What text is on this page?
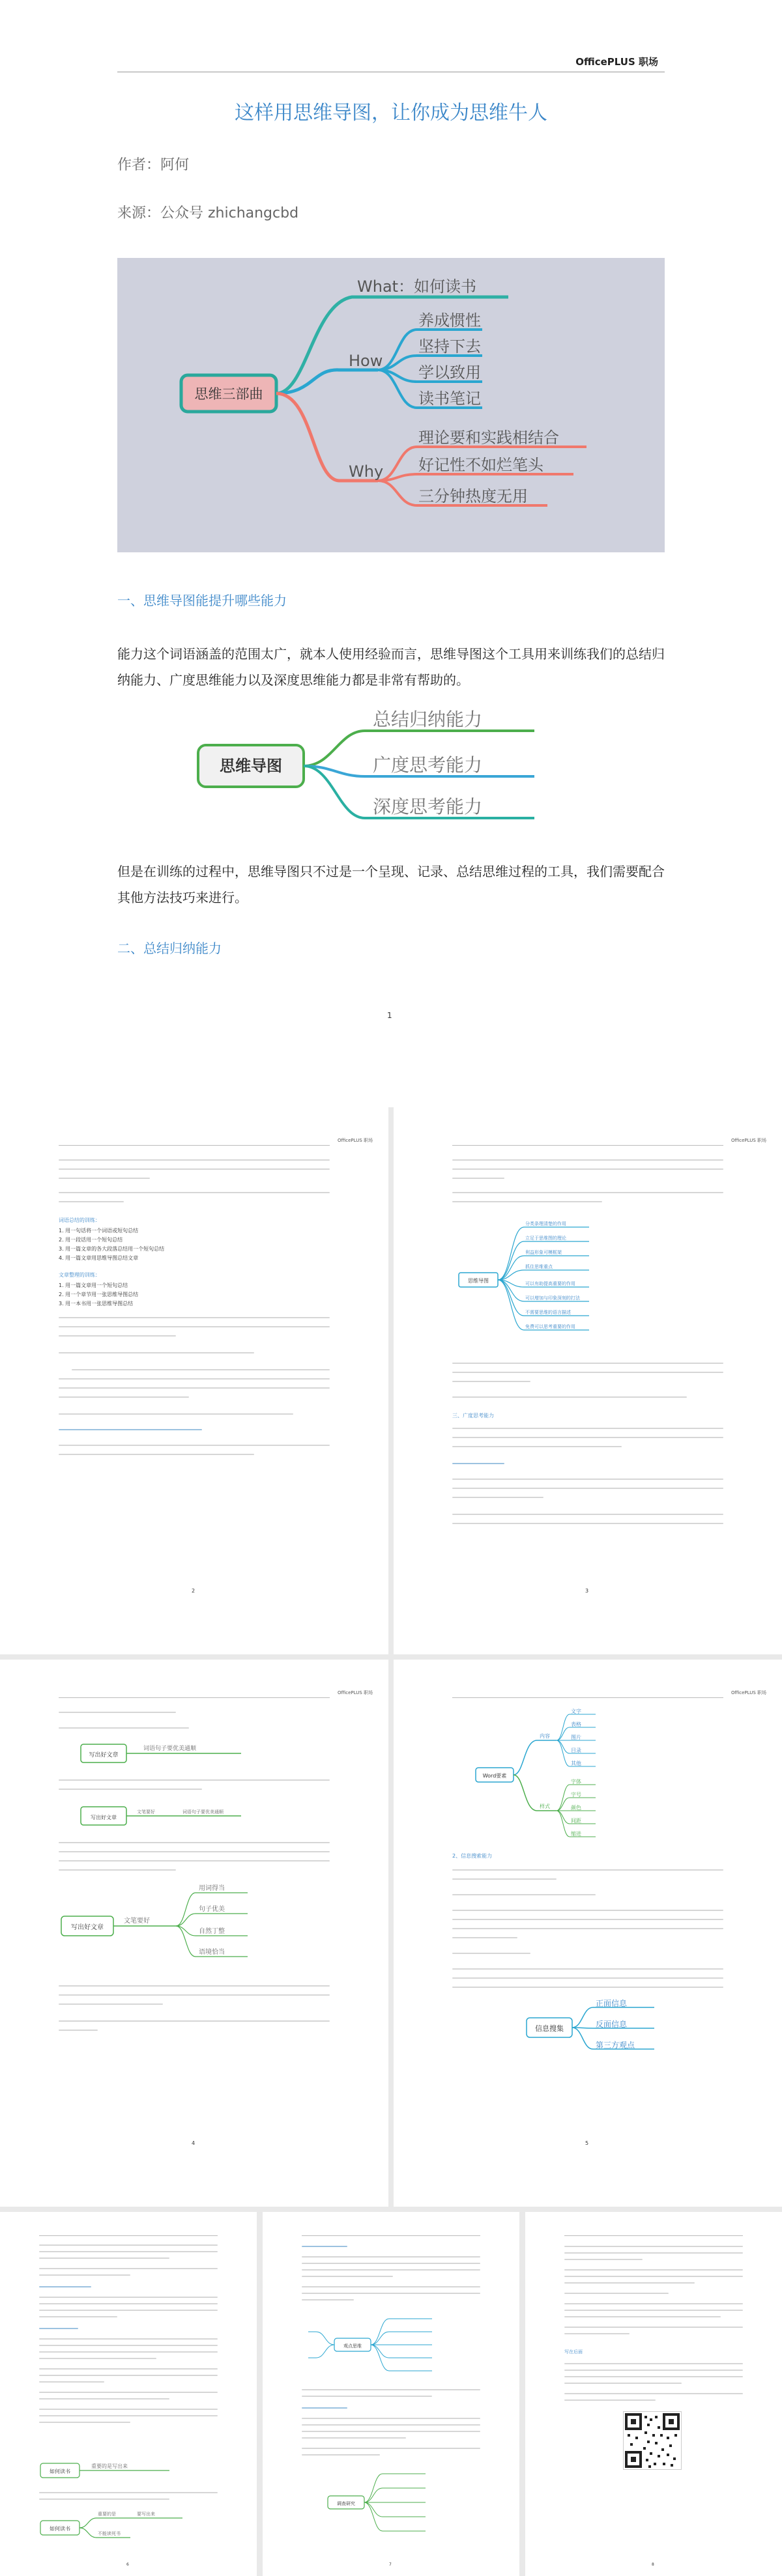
OfficePLUS 职场
这样用思维导图，让你成为思维牛人
作者：阿何
来源：公众号 zhichangcbd
思维三部曲
What：如何读书
How
养成惯性
坚持下去
学以致用
读书笔记
Why
理论要和实践相结合
好记性不如烂笔头
三分钟热度无用
一、思维导图能提升哪些能力
能力这个词语涵盖的范围太广，就本人使用经验而言，思维导图这个工具用来训练我们的总结归纳能力、广度思维能力以及深度思维能力都是非常有帮助的。
思维导图
总结归纳能力
广度思考能力
深度思考能力
但是在训练的过程中，思维导图只不过是一个呈现、记录、总结思维过程的工具，我们需要配合其他方法技巧来进行。
二、总结归纳能力
1
OfficePLUS 职场
词语总结的训练：
1. 用一句话将一个词语或短句总结
2. 用一段话用一个短句总结
3. 用一篇文章的各大段落总结用一个短句总结
4. 用一篇文章用思维导图总结文章
文章整理的训练：
1. 用一篇文章用一个短句总结
2. 用一个章节用一张思维导图总结
3. 用一本书用一张思维导图总结
2
OfficePLUS 职场
思维导图
分类条理清楚的作用
立足于思维图的理论
利益形象可模框架
抓住思维重点
可以有助提高重要的作用
可以增加与印象深刻的打法
不需要思维的语言描述
免费可以思考重要的作用
三、广度思考能力
3
OfficePLUS 职场
写出好文章
词语句子要优美通顺
写出好文章
文笔要好	词语句子要优美通顺
写出好文章
文笔要好
用词得当
句子优美
自然丁整
语境恰当
4
OfficePLUS 职场
Word要素
内容
样式
文字
表格
图片
目录
其他
字体
字号
颜色
间距
缩进
2、信息搜索能力
信息搜集
正面信息
反面信息
第三方观点
5
如何读书
重要的是写出来
如何读书
重要的是	要写出来
不能读死书
6
观点思维
调查研究
7
写在后面
8
